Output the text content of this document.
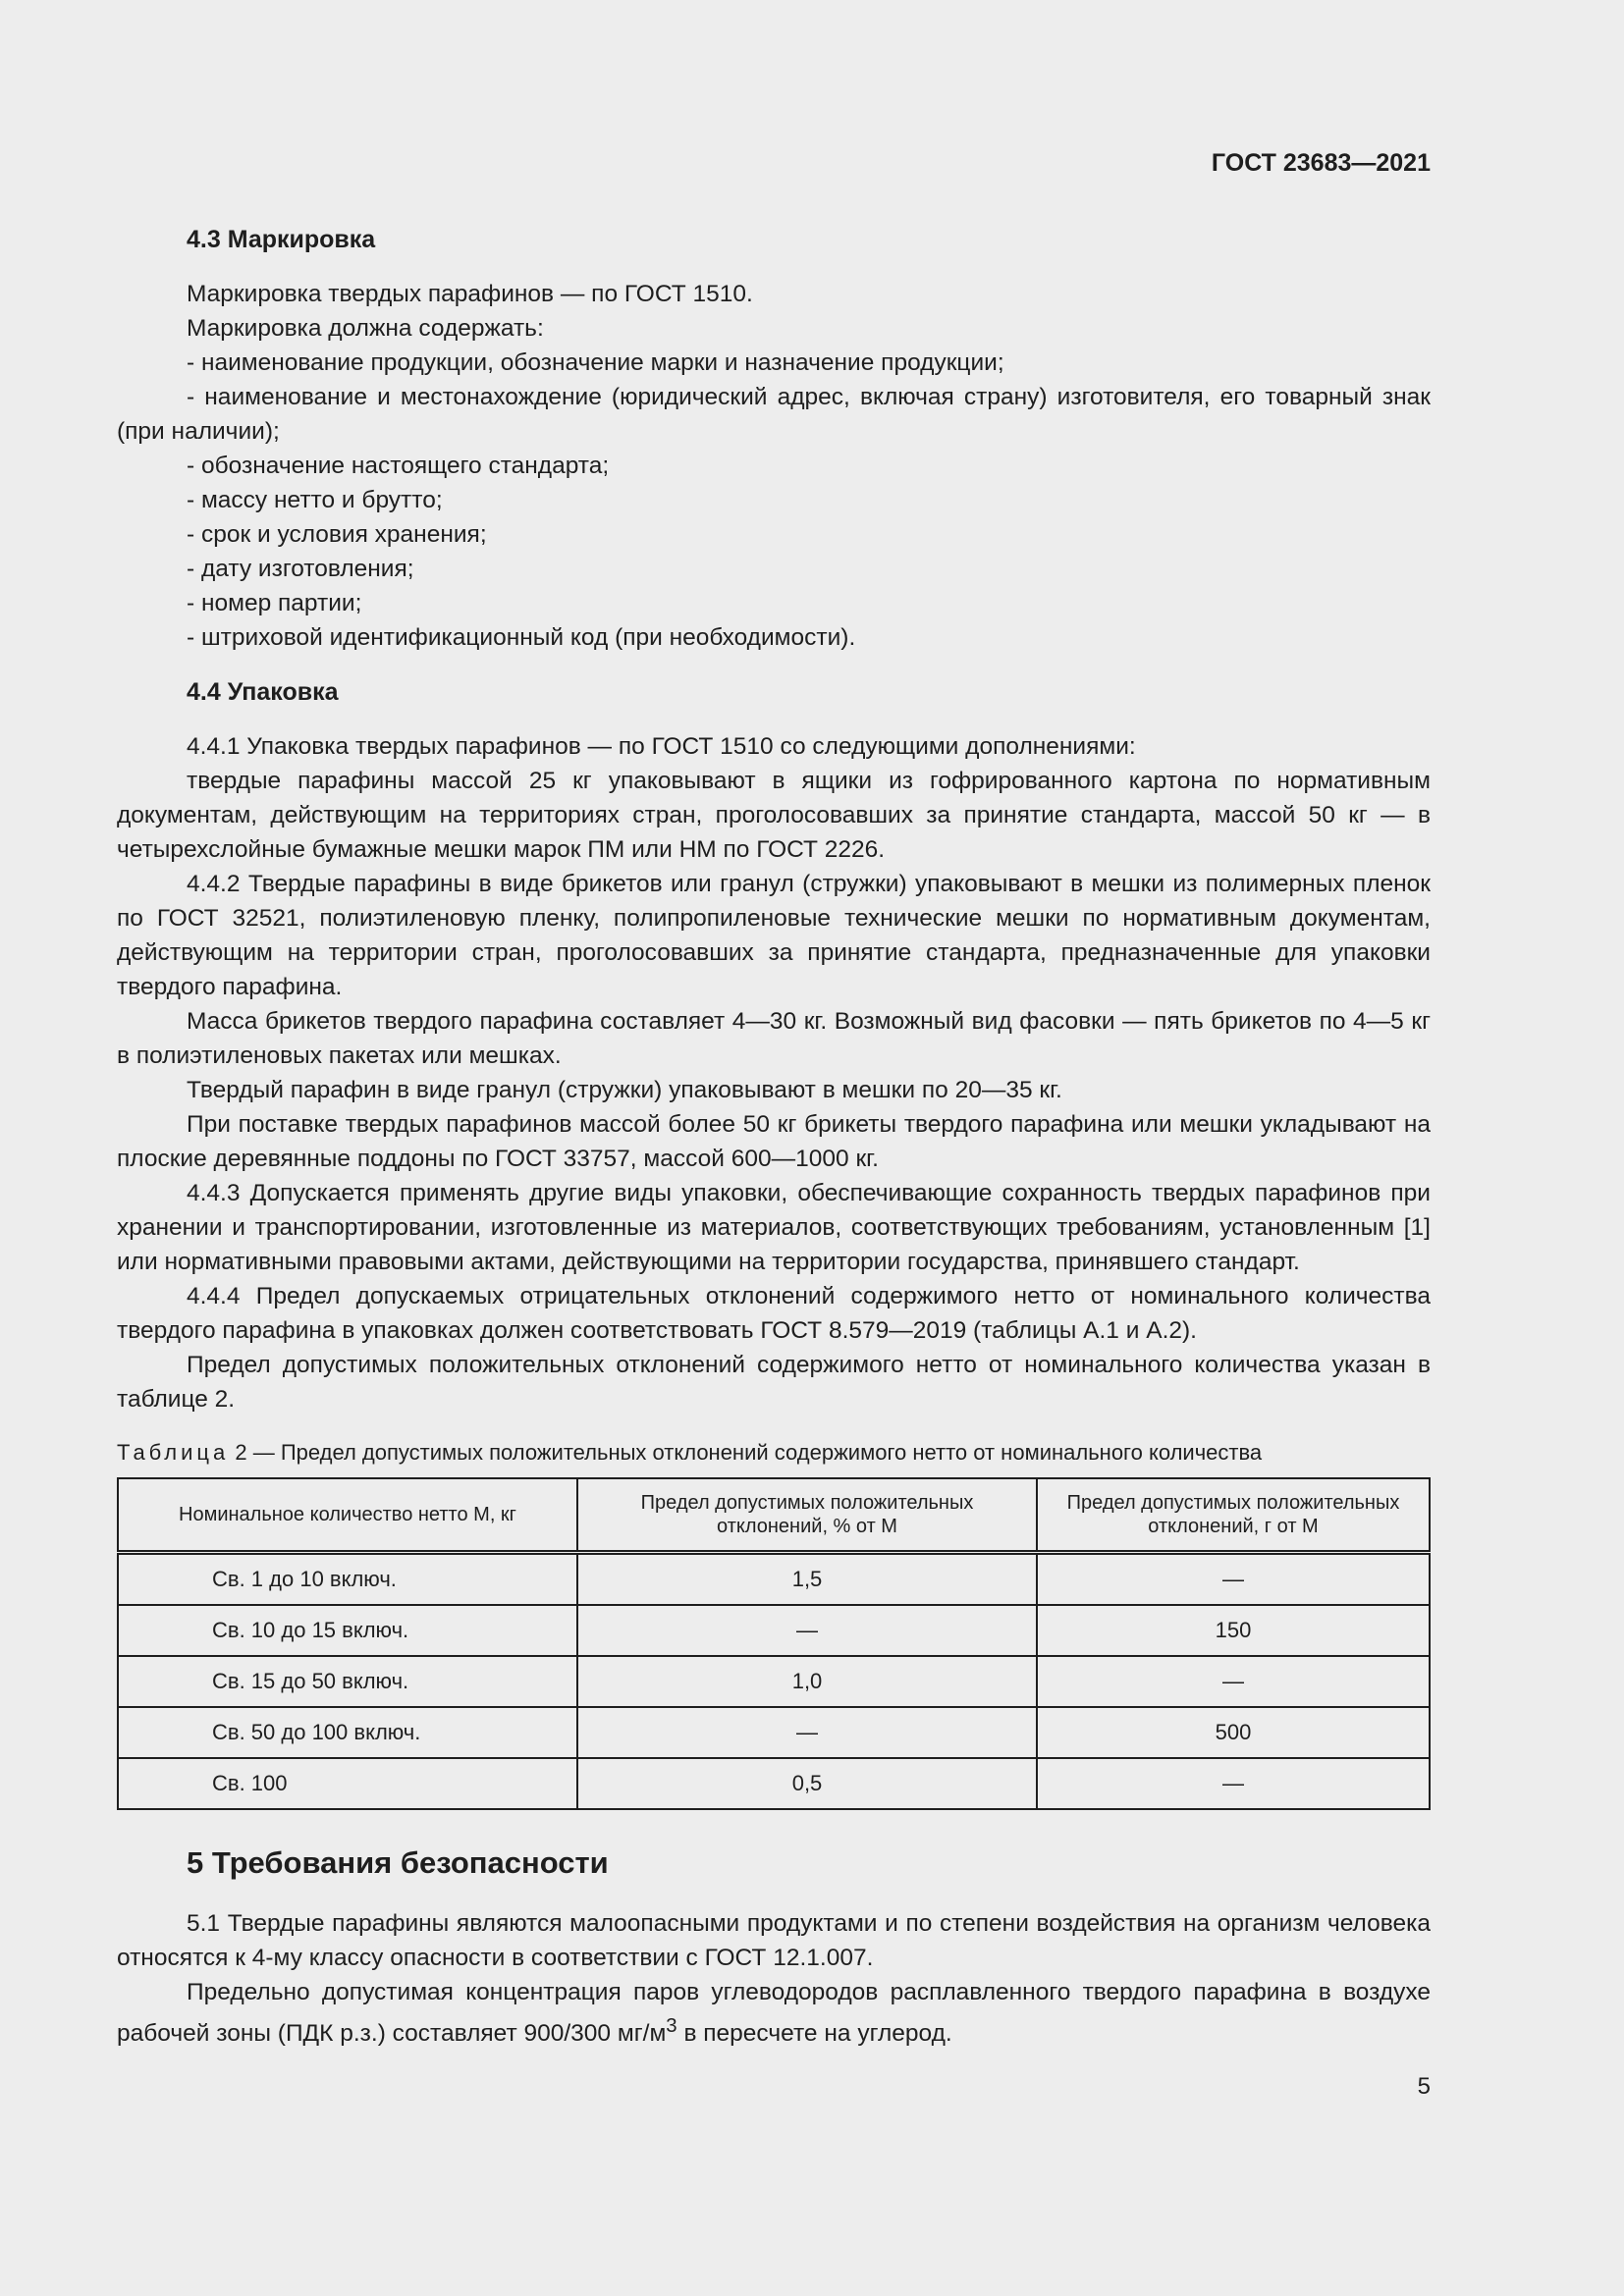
ГОСТ 23683—2021
4.3 Маркировка

Маркировка твердых парафинов — по ГОСТ 1510.

Маркировка должна содержать:

- наименование продукции, обозначение марки и назначение продукции;

- наименование и местонахождение (юридический адрес, включая страну) изготовителя, его товарный знак (при наличии);

- обозначение настоящего стандарта;

- массу нетто и брутто;

- срок и условия хранения;

- дату изготовления;

- номер партии;

- штриховой идентификационный код (при необходимости).

4.4 Упаковка

4.4.1 Упаковка твердых парафинов — по ГОСТ 1510 со следующими дополнениями:

твердые парафины массой 25 кг упаковывают в ящики из гофрированного картона по нормативным документам, действующим на территориях стран, проголосовавших за принятие стандарта, массой 50 кг — в четырехслойные бумажные мешки марок ПМ или НМ по ГОСТ 2226.

4.4.2 Твердые парафины в виде брикетов или гранул (стружки) упаковывают в мешки из полимерных пленок по ГОСТ 32521, полиэтиленовую пленку, полипропиленовые технические мешки по нормативным документам, действующим на территории стран, проголосовавших за принятие стандарта, предназначенные для упаковки твердого парафина.

Масса брикетов твердого парафина составляет 4—30 кг. Возможный вид фасовки — пять брикетов по 4—5 кг в полиэтиленовых пакетах или мешках.

Твердый парафин в виде гранул (стружки) упаковывают в мешки по 20—35 кг.

При поставке твердых парафинов массой более 50 кг брикеты твердого парафина или мешки укладывают на плоские деревянные поддоны по ГОСТ 33757, массой 600—1000 кг.

4.4.3 Допускается применять другие виды упаковки, обеспечивающие сохранность твердых парафинов при хранении и транспортировании, изготовленные из материалов, соответствующих требованиям, установленным [1] или нормативными правовыми актами, действующими на территории государства, принявшего стандарт.

4.4.4 Предел допускаемых отрицательных отклонений содержимого нетто от номинального количества твердого парафина в упаковках должен соответствовать ГОСТ 8.579—2019 (таблицы А.1 и А.2).

Предел допустимых положительных отклонений содержимого нетто от номинального количества указан в таблице 2.

Таблица 2 — Предел допустимых положительных отклонений содержимого нетто от номинального количества
Номинальное количество нетто M, кг	Предел допустимых положительных отклонений, % от M	Предел допустимых положительных отклонений, г от M
Св. 1 до 10 включ.	1,5	—
Св. 10 до 15 включ.	—	150
Св. 15 до 50 включ.	1,0	—
Св. 50 до 100 включ.	—	500
Св. 100	0,5	—
5 Требования безопасности

5.1 Твердые парафины являются малоопасными продуктами и по степени воздействия на организм человека относятся к 4-му классу опасности в соответствии с ГОСТ 12.1.007.

Предельно допустимая концентрация паров углеводородов расплавленного твердого парафина в воздухе рабочей зоны (ПДК р.з.) составляет 900/300 $мг/м^3$ в пересчете на углерод.

5
